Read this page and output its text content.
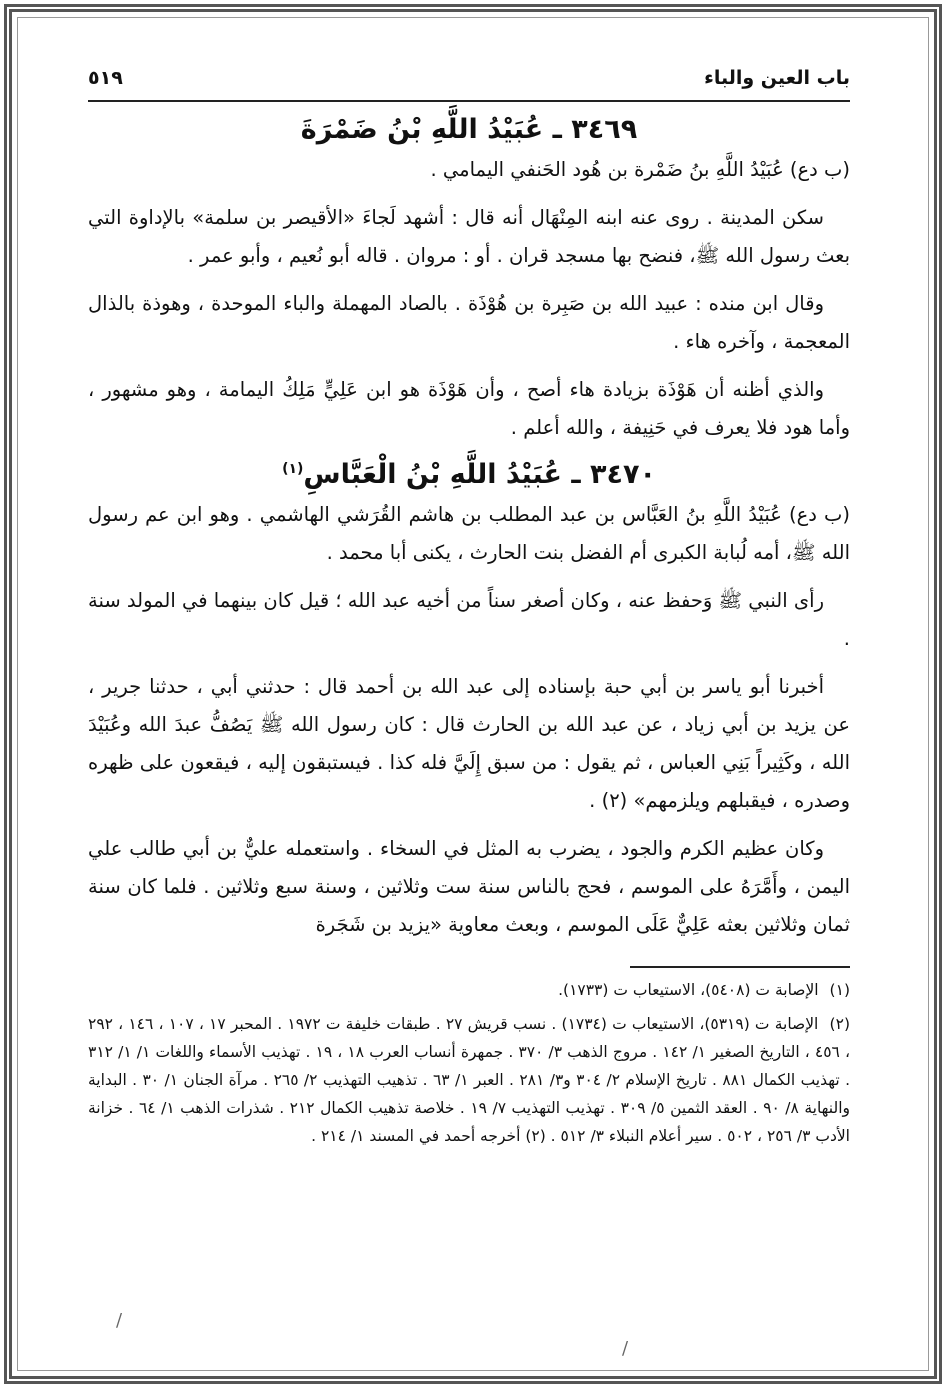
باب العين والباء
٥١٩
٣٤٦٩ ـ عُبَيْدُ اللَّهِ بْنُ ضَمْرَةَ

(ب دع) عُبَيْدُ اللَّهِ بنُ ضَمْرة بن هُود الحَنفي اليمامي .

سكن المدينة . روى عنه ابنه المِنْهَال أنه قال : أشهد لَجاءَ «الأقيصر بن سلمة» بالإداوة التي بعث رسول الله ﷺ، فنضح بها مسجد قران . أو : مروان . قاله أبو نُعيم ، وأبو عمر .

وقال ابن منده : عبيد الله بن صَبِرة بن هُوْذَة . بالصاد المهملة والباء الموحدة ، وهوذة بالذال المعجمة ، وآخره هاء .

والذي أظنه أن هَوْذَة بزيادة هاء أصح ، وأن هَوْذَة هو ابن عَلِيٍّ مَلِكُ اليمامة ، وهو مشهور ، وأما هود فلا يعرف في حَنِيفة ، والله أعلم .

٣٤٧٠ ـ عُبَيْدُ اللَّهِ بْنُ الْعَبَّاسِ$^{(١)}$

(ب دع) عُبَيْدُ اللَّهِ بنُ العَبَّاس بن عبد المطلب بن هاشم القُرَشي الهاشمي . وهو ابن عم رسول الله ﷺ، أمه لُبابة الكبرى أم الفضل بنت الحارث ، يكنى أبا محمد .

رأى النبي ﷺ وَحفظ عنه ، وكان أصغر سناً من أخيه عبد الله ؛ قيل كان بينهما في المولد سنة .

أخبرنا أبو ياسر بن أبي حبة بإسناده إلى عبد الله بن أحمد قال : حدثني أبي ، حدثنا جرير ، عن يزيد بن أبي زياد ، عن عبد الله بن الحارث قال : كان رسول الله ﷺ يَصُفُّ عبدَ الله وعُبَيْدَ الله ، وكَثِيراً بَنِي العباس ، ثم يقول : من سبق إِلَيَّ فله كذا . فيستبقون إليه ، فيقعون على ظهره وصدره ، فيقبلهم ويلزمهم» (٢) .

وكان عظيم الكرم والجود ، يضرب به المثل في السخاء . واستعمله عليٌّ بن أبي طالب علي اليمن ، وأَمَّرَهُ على الموسم ، فحج بالناس سنة ست وثلاثين ، وسنة سبع وثلاثين . فلما كان سنة ثمان وثلاثين بعثه عَلِيٌّ عَلَى الموسم ، وبعث معاوية «يزيد بن شَجَرة

(١) الإصابة ت (٥٤٠٨)، الاستيعاب ت (١٧٣٣).
(٢) الإصابة ت (٥٣١٩)، الاستيعاب ت (١٧٣٤) . نسب قريش ٢٧ . طبقات خليفة ت ١٩٧٢ . المحبر ١٧ ، ١٠٧ ، ١٤٦ ، ٢٩٢ ، ٤٥٦ ، التاريخ الصغير ١/ ١٤٢ . مروج الذهب ٣/ ٣٧٠ . جمهرة أنساب العرب ١٨ ، ١٩ . تهذيب الأسماء واللغات ١/ ١/ ٣١٢ . تهذيب الكمال ٨٨١ . تاريخ الإسلام ٢/ ٣٠٤ و٣/ ٢٨١ . العبر ١/ ٦٣ . تذهيب التهذيب ٢/ ٢٦٥ . مرآة الجنان ١/ ٣٠ . البداية والنهاية ٨/ ٩٠ . العقد الثمين ٥/ ٣٠٩ . تهذيب التهذيب ٧/ ١٩ . خلاصة تذهيب الكمال ٢١٢ . شذرات الذهب ١/ ٦٤ . خزانة الأدب ٣/ ٢٥٦ ، ٥٠٢ . سير أعلام النبلاء ٣/ ٥١٢ . (٢) أخرجه أحمد في المسند ١/ ٢١٤ .
/
/
